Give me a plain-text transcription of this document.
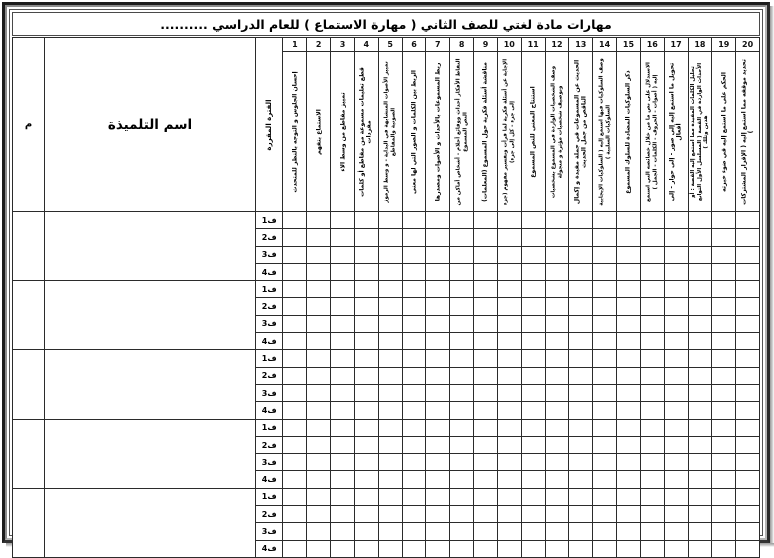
مهارات مادة لغتي للصف الثاني ( مهارة الاستماع ) للعام الدراسي ..........
20	19	18	17	16	15	14	13	12	11	10	9	8	7	6	5	4	3	2	1	الفترة المقررة	اسم التلميذة	م

تحديد موقفه مما استمع إليه ( الإقرار المشتركات )	الحكم على ما استمع إليه في ضوء خبرته	تحليل الكلمات المفيدة مما استمع إليه القصة : أو الأحداث الواردة في القصة ( المسلسل الأول التوابع هذين وتلك )	تحويل ما استمع إليه إلى صور - إلى حوار - إلى أفعال	الاستدلال على نص ما من خلال خصائصه التي استمع إليه ( أصوات - الحروف - الكلمات - الجمل )	ذكر السلوكيات المضادة للسلوك المسموع	وصف السلوكيات فيها استمع إليه ( السلوكيات الإيجابية السلوكيات السلبية )	الحديث عن المسموعات في جملة مفيدة و إكمال الناقص من جمل الحديث	وصف الشخصيات الواردة في المسموع بشخصيات وتوصيف شخصيات مؤثرة و متجولة	استنتاج المعنى للنص المسموع	الإجابة عن أسئلة فكرية لما قرأت وتفسير مفهوم (جزء إلى جزء - كل إلى جزء)	مناقشة أسئلة فكرية حول المسموع (المعلمات)	التقاط الأفكار أحداث ووقائع أحلام - أشخاص أماكن من النص المسموع	ربط المسموعات بالأحداث و الأصوات ومصدرها	الربط بين الكلمات و الصور التي لها معنى	تمييز الأصوات المتشابهة في البداية - و وسط الرموز الصوتية والمقاطع	قطع تعليمات مسموعة من مقاطع أو كلمات مفردات	تمييز مقاطع من وسط الاء	الاستماع بتفهم	إحسان الجلوس و التوجه بالنظر للمتحدث			

																				ف1		
																				ف2		
																				ف3		
																				ف4		
																				ف1		
																				ف2		
																				ف3		
																				ف4		
																				ف1		
																				ف2		
																				ف3		
																				ف4		
																				ف1		
																				ف2		
																				ف3		
																				ف4		
																				ف1		
																				ف2		
																				ف3		
																				ف4		
